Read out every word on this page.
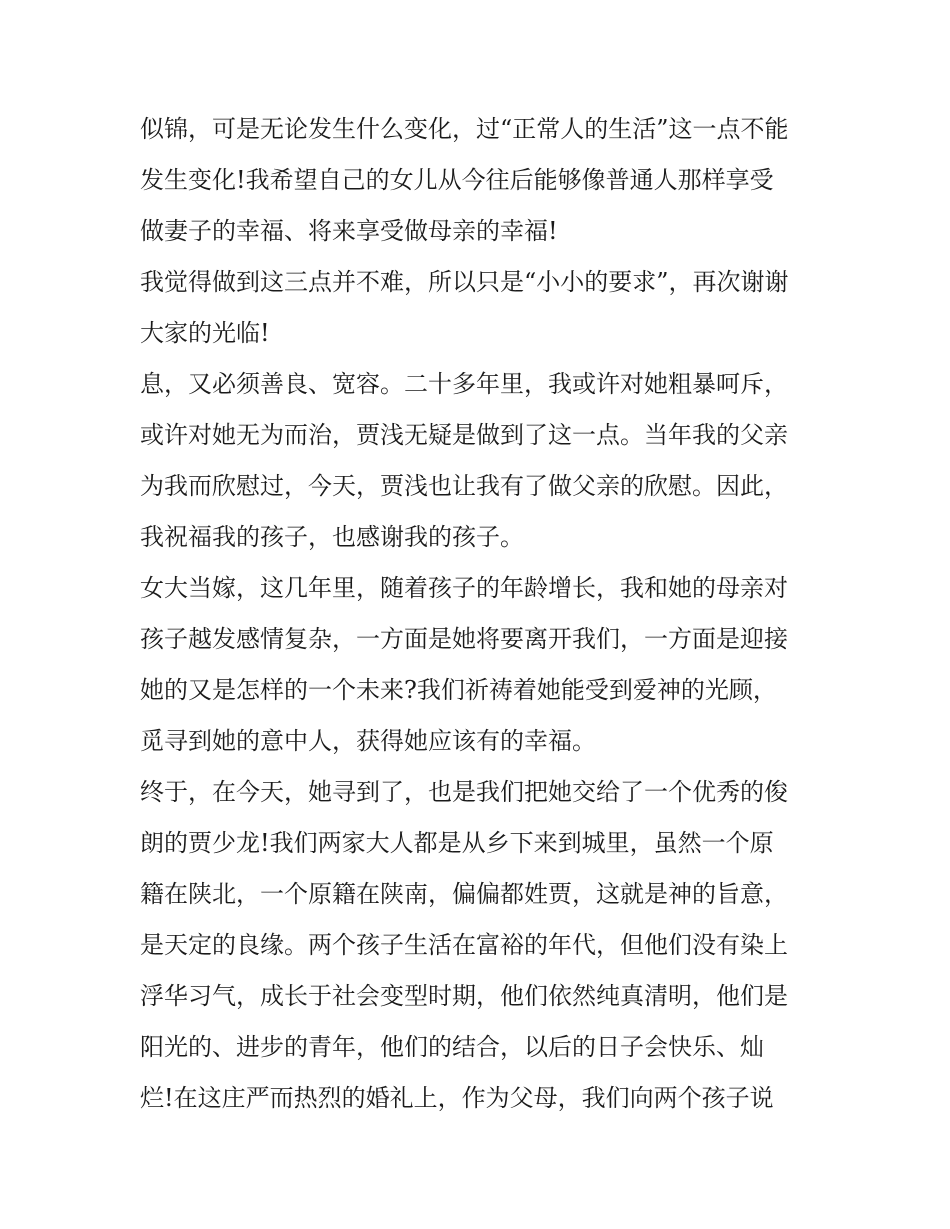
似锦，可是无论发生什么变化，过“正常人的生活”这一点不能
发生变化!我希望自己的女儿从今往后能够像普通人那样享受
做妻子的幸福、将来享受做母亲的幸福!
我觉得做到这三点并不难，所以只是“小小的要求”，再次谢谢
大家的光临!
息，又必须善良、宽容。二十多年里，我或许对她粗暴呵斥，
或许对她无为而治，贾浅无疑是做到了这一点。当年我的父亲
为我而欣慰过，今天，贾浅也让我有了做父亲的欣慰。因此，
我祝福我的孩子，也感谢我的孩子。
女大当嫁，这几年里，随着孩子的年龄增长，我和她的母亲对
孩子越发感情复杂，一方面是她将要离开我们，一方面是迎接
她的又是怎样的一个未来?我们祈祷着她能受到爱神的光顾，
觅寻到她的意中人，获得她应该有的幸福。
终于，在今天，她寻到了，也是我们把她交给了一个优秀的俊
朗的贾少龙!我们两家大人都是从乡下来到城里，虽然一个原
籍在陕北，一个原籍在陕南，偏偏都姓贾，这就是神的旨意，
是天定的良缘。两个孩子生活在富裕的年代，但他们没有染上
浮华习气，成长于社会变型时期，他们依然纯真清明，他们是
阳光的、进步的青年，他们的结合，以后的日子会快乐、灿
烂!在这庄严而热烈的婚礼上，作为父母，我们向两个孩子说
